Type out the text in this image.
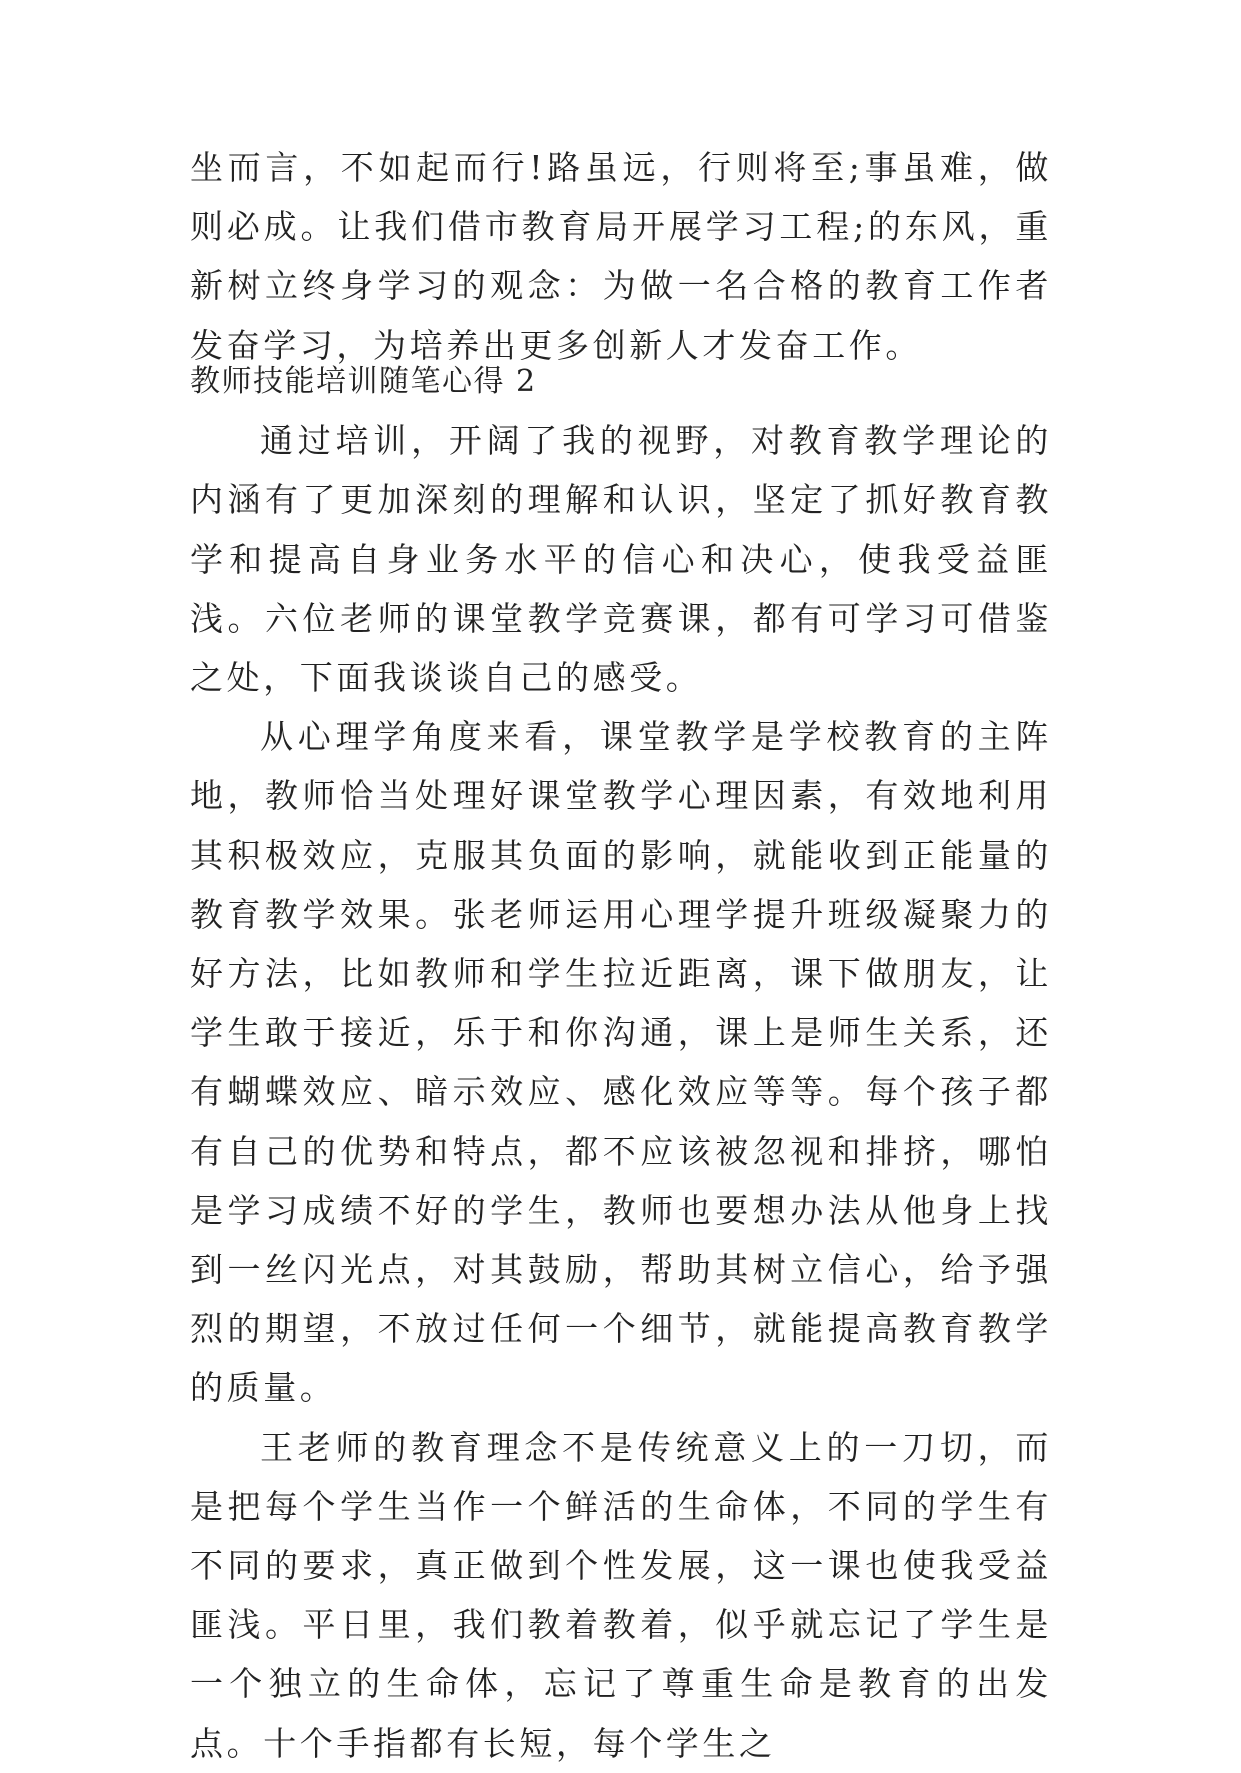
坐而言，不如起而行!路虽远，行则将至;事虽难，做则必成。让我们借市教育局开展学习工程;的东风，重新树立终身学习的观念：为做一名合格的教育工作者发奋学习，为培养出更多创新人才发奋工作。

教师技能培训随笔心得 2

通过培训，开阔了我的视野，对教育教学理论的内涵有了更加深刻的理解和认识，坚定了抓好教育教学和提高自身业务水平的信心和决心，使我受益匪浅。六位老师的课堂教学竞赛课，都有可学习可借鉴之处，下面我谈谈自己的感受。

从心理学角度来看，课堂教学是学校教育的主阵地，教师恰当处理好课堂教学心理因素，有效地利用其积极效应，克服其负面的影响，就能收到正能量的教育教学效果。张老师运用心理学提升班级凝聚力的好方法，比如教师和学生拉近距离，课下做朋友，让学生敢于接近，乐于和你沟通，课上是师生关系，还有蝴蝶效应、暗示效应、感化效应等等。每个孩子都有自己的优势和特点，都不应该被忽视和排挤，哪怕是学习成绩不好的学生，教师也要想办法从他身上找到一丝闪光点，对其鼓励，帮助其树立信心，给予强烈的期望，不放过任何一个细节，就能提高教育教学的质量。

王老师的教育理念不是传统意义上的一刀切，而是把每个学生当作一个鲜活的生命体，不同的学生有不同的要求，真正做到个性发展，这一课也使我受益匪浅。平日里，我们教着教着，似乎就忘记了学生是一个独立的生命体，忘记了尊重生命是教育的出发点。十个手指都有长短，每个学生之
